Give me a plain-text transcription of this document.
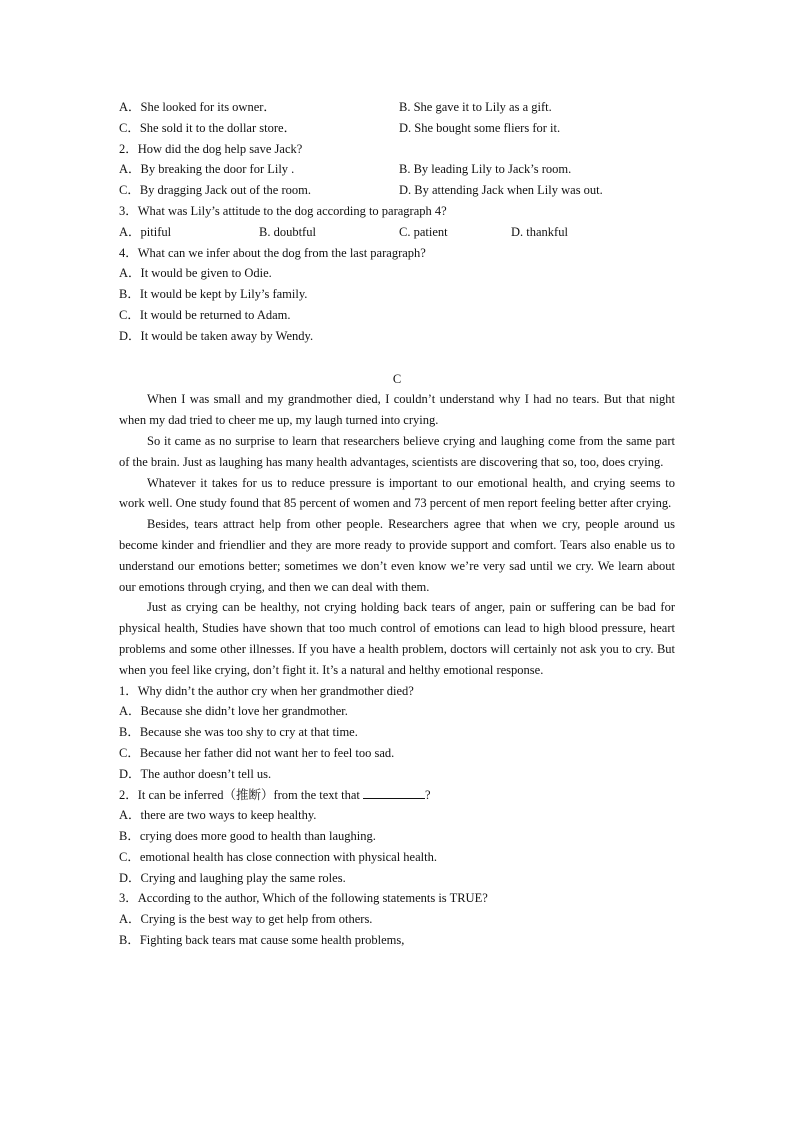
A．She looked for its owner．	B. She gave it to Lily as a gift.
C．She sold it to the dollar store．	D. She bought some fliers for it.
2．How did the dog help save Jack?
A．By breaking the door for Lily .	B. By leading Lily to Jack’s room.
C．By dragging Jack out of the room.	D. By attending Jack when Lily was out.
3．What was Lily’s attitude to the dog according to paragraph 4?
A．pitiful	B. doubtful	C. patient	D. thankful
4．What can we infer about the dog from the last paragraph?
A．It would be given to Odie.
B．It would be kept by Lily’s family.
C．It would be returned to Adam.
D．It would be taken away by Wendy.
C

When I was small and my grandmother died, I couldn’t understand why I had no tears. But that night when my dad tried to cheer me up, my laugh turned into crying.

So it came as no surprise to learn that researchers believe crying and laughing come from the same part of the brain. Just as laughing has many health advantages, scientists are discovering that so, too, does crying.

Whatever it takes for us to reduce pressure is important to our emotional health, and crying seems to work well. One study found that 85 percent of women and 73 percent of men report feeling better after crying.

Besides, tears attract help from other people. Researchers agree that when we cry, people around us become kinder and friendlier and they are more ready to provide support and comfort. Tears also enable us to understand our emotions better; sometimes we don’t even know we’re very sad until we cry. We learn about our emotions through crying, and then we can deal with them.

Just as crying can be healthy, not crying holding back tears of anger, pain or suffering can be bad for physical health, Studies have shown that too much control of emotions can lead to high blood pressure, heart problems and some other illnesses. If you have a health problem, doctors will certainly not ask you to cry. But when you feel like crying, don’t fight it. It’s a natural and helthy emotional response.

1．Why didn’t the author cry when her grandmother died?
A．Because she didn’t love her grandmother.
B．Because she was too shy to cry at that time.
C．Because her father did not want her to feel too sad.
D．The author doesn’t tell us.
2．It can be inferred（推断）from the text that	?
A．there are two ways to keep healthy.
B．crying does more good to health than laughing.
C．emotional health has close connection with physical health.
D．Crying and laughing play the same roles.
3．According to the author, Which of the following statements is TRUE?
A．Crying is the best way to get help from others.
B．Fighting back tears mat cause some health problems,
